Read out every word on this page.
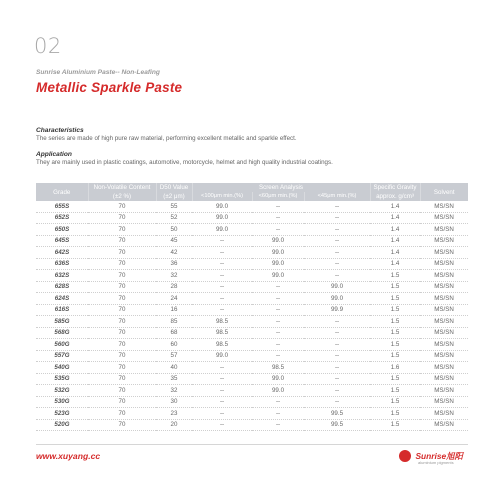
02
Sunrise Aluminium Paste-- Non-Leafing
Metallic Sparkle Paste
Characteristics
The series are made of high pure raw material, performing excellent metallic and sparkle effect.
Application
They are mainly used in plastic coatings, automotive, motorcycle, helmet and high quality industrial coatings.
Grade	Non-Volatile Content (±2 %)	D50 Value (±2 μm)	Screen Analysis			Specific Gravity approx. g/cm³	Solvent
			<100μm min.(%)	<60μm min.(%)	<45μm min.(%)		
655S	70	55	99.0	--	--	1.4	MS/SN
652S	70	52	99.0	--	--	1.4	MS/SN
650S	70	50	99.0	--	--	1.4	MS/SN
645S	70	45	--	99.0	--	1.4	MS/SN
642S	70	42	--	99.0	--	1.4	MS/SN
636S	70	36	--	99.0	--	1.4	MS/SN
632S	70	32	--	99.0	--	1.5	MS/SN
628S	70	28	--	--	99.0	1.5	MS/SN
624S	70	24	--	--	99.0	1.5	MS/SN
616S	70	16	--	--	99.9	1.5	MS/SN
585G	70	85	98.5	--	--	1.5	MS/SN
568G	70	68	98.5	--	--	1.5	MS/SN
560G	70	60	98.5	--	--	1.5	MS/SN
557G	70	57	99.0	--	--	1.5	MS/SN
540G	70	40	--	98.5	--	1.6	MS/SN
535G	70	35	--	99.0	--	1.5	MS/SN
532G	70	32	--	99.0	--	1.5	MS/SN
530G	70	30	--	--	--	1.5	MS/SN
523G	70	23	--	--	99.5	1.5	MS/SN
520G	70	20	--	--	99.5	1.5	MS/SN
www.xuyang.cc	Sunrise旭阳
aluminium pigments
